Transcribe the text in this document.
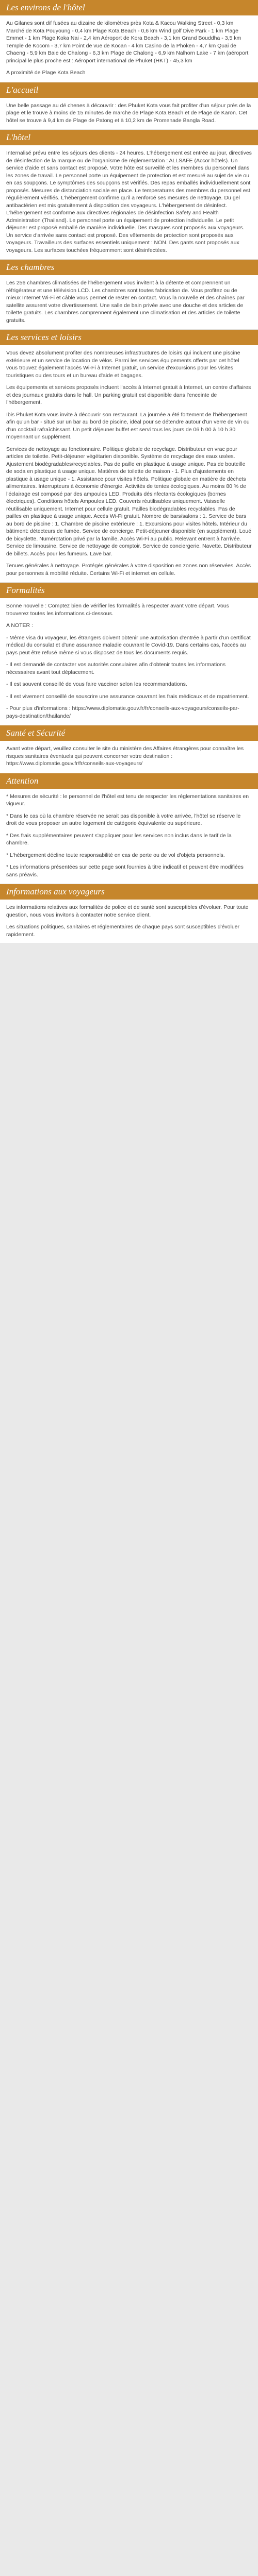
Les environs de l'hôtel

Au Gilanes sont dif fusées au dizaine de kilomètres près Kota & Kacou Walking Street - 0,3 km Marché de Kota Pouyoung - 0,4 km Plage Kota Beach - 0,6 km Wind golf Dive Park - 1 km Plage Emmet - 1 km Plage Koka Nai - 2,4 km Aéroport de Kora Beach - 3,1 km Grand Bouddha - 3,5 km Temple de Kocom - 3,7 km Point de vue de Kocan - 4 km Casino de la Phoken - 4,7 km Quai de Chaeng - 5,9 km Baie de Chalong - 6,3 km Plage de Chalong - 6,9 km Nalhorn Lake - 7 km (aéroport principal le plus proche est : Aéroport international de Phuket (HKT) - 45,3 km

A proximité de Plage Kota Beach

L'accueil

Une belle passage au dé chenes à découvrir : des Phuket Kota vous fait profiter d'un séjour près de la plage et le trouve à moins de 15 minutes de marche de Plage Kota Beach et de Plage de Karon. Cet hôtel se trouve à 9,4 km de Plage de Patong et à 10,2 km de Promenade Bangla Road.

L'hôtel

Internalisé prévu entre les séjours des clients - 24 heures. L'hébergement est entrée au jour, directives de désinfection de la marque ou de l'organisme de réglementation : ALLSAFE (Accor hôtels). Un service d'aide et sans contact est proposé. Votre hôte est surveillé et les membres du personnel dans les zones de travail. Le personnel porte un équipement de protection et est mesuré au sujet de vie ou en cas soupçons. Le symptômes des soupçons est vérifiés. Des repas emballés individuellement sont proposés. Mesures de distanciation sociale en place. Le temperatures des membres du personnel est régulièrement vérifiés. L'hébergement confirme qu'il a renforcé ses mesures de nettoyage. Du gel antibactérien est mis gratuitement à disposition des voyageurs. L'hébergement de désinfect. L'hébergement est conforme aux directives régionales de désinfection Safety and Health Administration (Thailand). Le personnel porte un équipement de protection individuelle. Le petit déjeuner est proposé emballé de manière individuelle. Des masques sont proposés aux voyageurs. Un service d'arrivée sans contact est proposé. Des vêtements de protection sont proposés aux voyageurs. Travailleurs des surfaces essentiels uniquement : NON. Des gants sont proposés aux voyageurs. Les surfaces touchées fréquemment sont désinfectées.

Les chambres

Les 256 chambres climatisées de l'hébergement vous invitent à la détente et comprennent un réfrigérateur et une télévision LCD. Les chambres sont toutes fabrication de. Vous profitez ou de mieux Internet Wi-Fi et câble vous permet de rester en contact. Vous la nouvelle et des chaînes par satellite assurent votre divertissement. Une salle de bain privée avec une douche et des articles de toilette gratuits. Les chambres comprennent également une climatisation et des articles de toilette gratuits.

Les services et loisirs

Vous devez absolument profiter des nombreuses infrastructures de loisirs qui incluent une piscine extérieure et un service de location de vélos. Parmi les services équipements offerts par cet hôtel vous trouvez également l'accès Wi-Fi à Internet gratuit, un service d'excursions pour les visites touristiques ou des tours et un bureau d'aide et bagages.

Les équipements et services proposés incluent l'accès à Internet gratuit à Internet, un centre d'affaires et des journaux gratuits dans le hall. Un parking gratuit est disponible dans l'enceinte de l'hébergement.

Ibis Phuket Kota vous invite à découvrir son restaurant. La journée a été fortement de l'hébergement afin qu'un bar - situé sur un bar au bord de piscine, idéal pour se détendre autour d'un verre de vin ou d'un cocktail rafraîchissant. Un petit déjeuner buffet est servi tous les jours de 06 h 00 à 10 h 30 moyennant un supplément.

Services de nettoyage au fonctionnaire. Politique globale de recyclage. Distributeur en vrac pour articles de toilette. Petit-déjeuner végétarien disponible. Système de recyclage des eaux usées. Ajustement biodégradables/recyclables. Pas de paille en plastique à usage unique. Pas de bouteille de soda en plastique à usage unique. Matières de toilette de maison - 1. Plus d'ajustements en plastique à usage unique - 1. Assistance pour visites hôtels. Politique globale en matière de déchets alimentaires. Interrupteurs à économie d'énergie. Activités de tentes écologiques. Au moins 80 % de l'éclairage est composé par des ampoules LED. Produits désinfectants écologiques (bornes électriques). Conditions hôtels Ampoules LED. Couverts réutilisables uniquement. Vaisselle réutilisable uniquement. Internet pour cellule gratuit. Pailles biodégradables recyclables. Pas de pailles en plastique à usage unique. Accès Wi-Fi gratuit. Nombre de bars/salons : 1. Service de bars au bord de piscine : 1. Chambre de piscine extérieure : 1. Excursions pour visites hôtels. Intérieur du bâtiment: détecteurs de fumée. Service de concierge. Petit-déjeuner disponible (en supplément). Loué de bicyclette. Numérotation privé par la famille. Accès Wi-Fi au public. Relevant entrent à l'arrivée. Service de limousine. Service de nettoyage de comptoir. Service de conciergerie. Navette. Distributeur de billets. Accès pour les fumeurs. Lave bar.

Tenues générales à nettoyage. Protégés générales à votre disposition en zones non réservées. Accès pour personnes à mobilité réduite. Certains Wi-Fi et internet en cellule.

Formalités

Bonne nouvelle : Comptez bien de vérifier les formalités à respecter avant votre départ. Vous trouverez toutes les informations ci-dessous.

A NOTER :

- Même visa du voyageur, les étrangers doivent obtenir une autorisation d'entrée à partir d'un certificat médical du consulat et d'une assurance maladie couvrant le Covid-19. Dans certains cas, l'accès au pays peut être refusé même si vous disposez de tous les documents requis.

- Il est demandé de contacter vos autorités consulaires afin d'obtenir toutes les informations nécessaires avant tout déplacement.

- Il est souvent conseillé de vous faire vacciner selon les recommandations.

- Il est vivement conseillé de souscrire une assurance couvrant les frais médicaux et de rapatriement.

- Pour plus d'informations : https://www.diplomatie.gouv.fr/fr/conseils-aux-voyageurs/conseils-par-pays-destination/thailande/

Santé et Sécurité

Avant votre départ, veuillez consulter le site du ministère des Affaires étrangères pour connaître les risques sanitaires éventuels qui peuvent concerner votre destination : https://www.diplomatie.gouv.fr/fr/conseils-aux-voyageurs/

Attention

* Mesures de sécurité : le personnel de l'hôtel est tenu de respecter les réglementations sanitaires en vigueur.

* Dans le cas où la chambre réservée ne serait pas disponible à votre arrivée, l'hôtel se réserve le droit de vous proposer un autre logement de catégorie équivalente ou supérieure.

* Des frais supplémentaires peuvent s'appliquer pour les services non inclus dans le tarif de la chambre.

* L'hébergement décline toute responsabilité en cas de perte ou de vol d'objets personnels.

* Les informations présentées sur cette page sont fournies à titre indicatif et peuvent être modifiées sans préavis.

Informations aux voyageurs

Les informations relatives aux formalités de police et de santé sont susceptibles d'évoluer. Pour toute question, nous vous invitons à contacter notre service client.

Les situations politiques, sanitaires et réglementaires de chaque pays sont susceptibles d'évoluer rapidement.
